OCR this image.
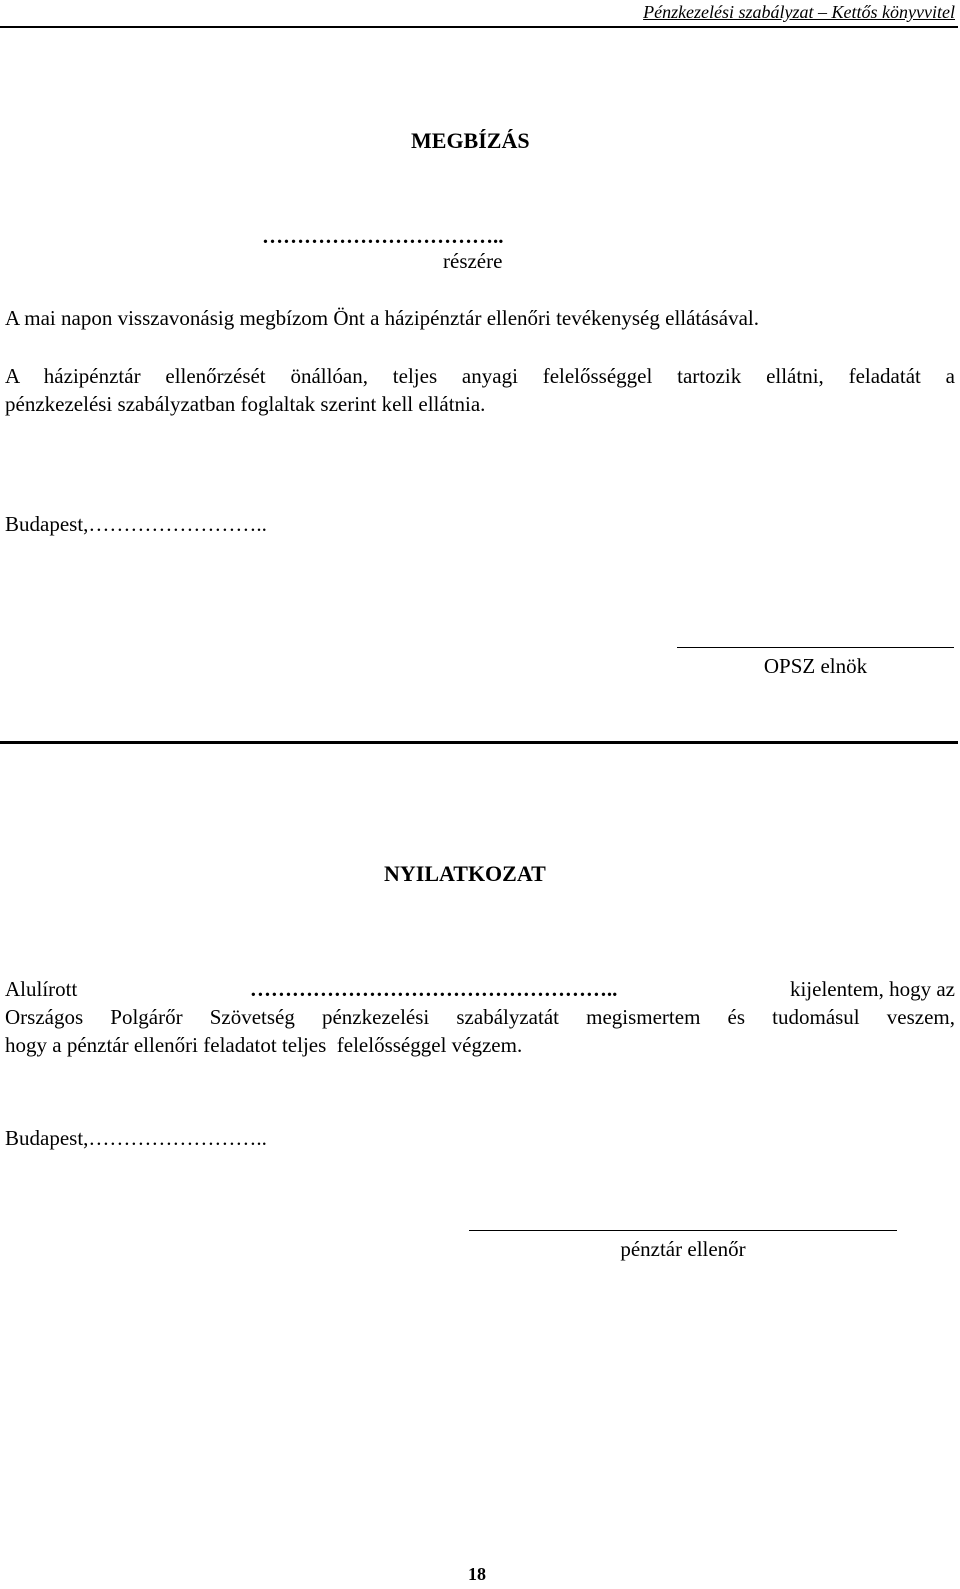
Pénzkezelési szabályzat – Kettős könyvvitel
MEGBÍZÁS
……………………………..
részére
A mai napon visszavonásig megbízom Önt a házipénztár ellenőri tevékenység ellátásával.
A házipénztár ellenőrzését önállóan, teljes anyagi felelősséggel tartozik ellátni, feladatát a
pénzkezelési szabályzatban foglaltak szerint kell ellátnia.
Budapest,……………………..
OPSZ elnök
NYILATKOZAT
Alulírott	……………………………………………..	kijelentem, hogy az
Országos Polgárőr Szövetség pénzkezelési szabályzatát megismertem és tudomásul veszem,
hogy a pénztár ellenőri feladatot teljes  felelősséggel végzem.
Budapest,……………………..
pénztár ellenőr
18
